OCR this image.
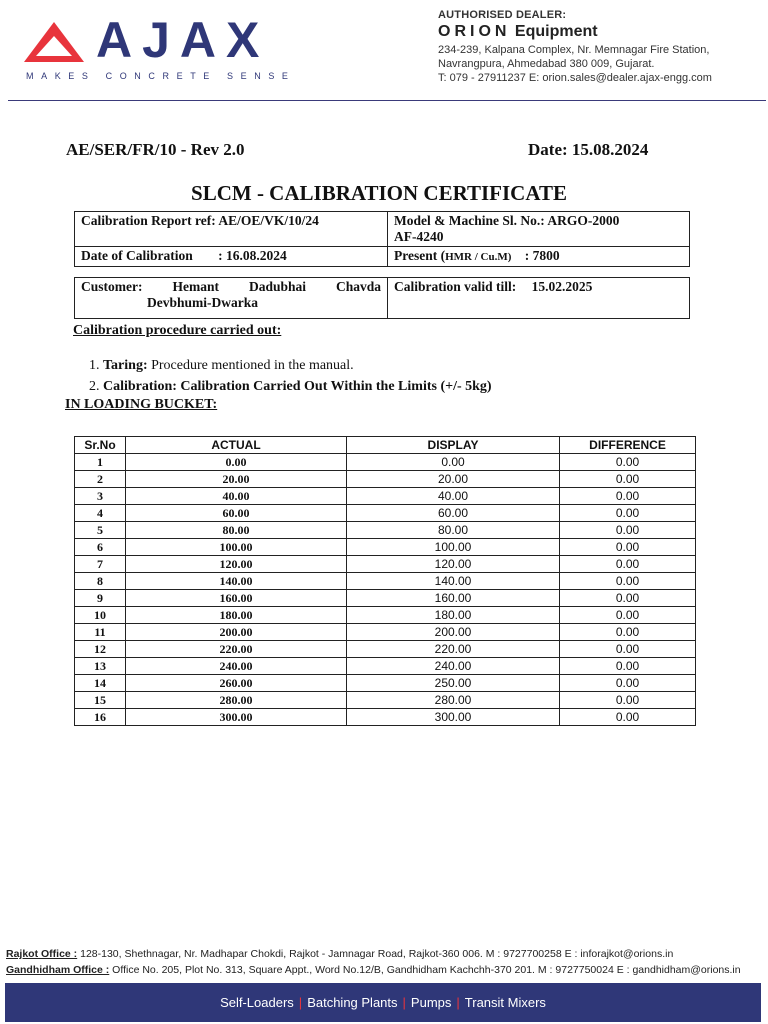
AJAX
MAKES CONCRETE SENSE
AUTHORISED DEALER:
ORION Equipment
234-239, Kalpana Complex, Nr. Memnagar Fire Station,
Navrangpura, Ahmedabad 380 009, Gujarat.
T: 079 - 27911237 E: orion.sales@dealer.ajax-engg.com
AE/SER/FR/10 - Rev 2.0	Date: 15.08.2024
SLCM - CALIBRATION CERTIFICATE
Calibration Report ref: AE/OE/VK/10/24	Model & Machine Sl. No.: ARGO-2000
AF-4240

Date of Calibration : 16.08.2024	Present (HMR / Cu.M) : 7800
Customer: Hemant Dadubhai Chavda
Devbhumi-Dwarka
	Calibration valid till: 15.02.2025
Calibration procedure carried out:
1. Taring: Procedure mentioned in the manual.
2. Calibration: Calibration Carried Out Within the Limits (+/- 5kg)
IN LOADING BUCKET:
Sr.No	ACTUAL	DISPLAY	DIFFERENCE
1	0.00	0.00	0.00
2	20.00	20.00	0.00
3	40.00	40.00	0.00
4	60.00	60.00	0.00
5	80.00	80.00	0.00
6	100.00	100.00	0.00
7	120.00	120.00	0.00
8	140.00	140.00	0.00
9	160.00	160.00	0.00
10	180.00	180.00	0.00
11	200.00	200.00	0.00
12	220.00	220.00	0.00
13	240.00	240.00	0.00
14	260.00	250.00	0.00
15	280.00	280.00	0.00
16	300.00	300.00	0.00
Rajkot Office : 128-130, Shethnagar, Nr. Madhapar Chokdi, Rajkot - Jamnagar Road, Rajkot-360 006. M : 9727700258 E : inforajkot@orions.in
Gandhidham Office : Office No. 205, Plot No. 313, Square Appt., Word No.12/B, Gandhidham Kachchh-370 201. M : 9727750024 E : gandhidham@orions.in
Self-Loaders | Batching Plants | Pumps | Transit Mixers
